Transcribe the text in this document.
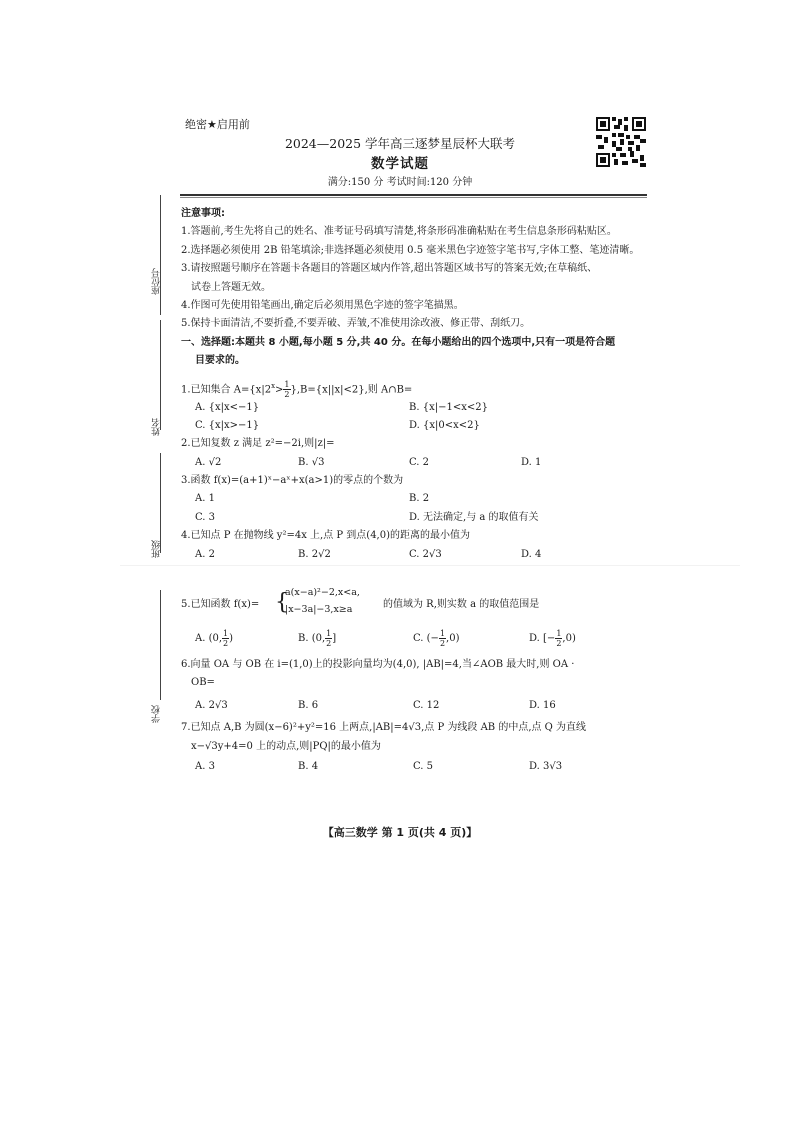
绝密★启用前
2024—2025 学年高三逐梦星辰杯大联考
数学试题
满分:150 分 考试时间:120 分钟
座位号
姓名
班级
学校
注意事项:
1.答题前,考生先将自己的姓名、准考证号码填写清楚,将条形码准确粘贴在考生信息条形码粘贴区。
2.选择题必须使用 2B 铅笔填涂;非选择题必须使用 0.5 毫米黑色字迹签字笔书写,字体工整、笔迹清晰。
3.请按照题号顺序在答题卡各题目的答题区域内作答,超出答题区域书写的答案无效;在草稿纸、
试卷上答题无效。
4.作图可先使用铅笔画出,确定后必须用黑色字迹的签字笔描黑。
5.保持卡面清洁,不要折叠,不要弄破、弄皱,不准使用涂改液、修正带、刮纸刀。
一、选择题:本题共 8 小题,每小题 5 分,共 40 分。在每小题给出的四个选项中,只有一项是符合题
目要求的。
1.已知集合 $A=\{x|2^x> \frac{1}{2} \},B=\{x||x|<2\}$,则 A∩B=
A. {x|x<−1}	B. {x|−1<x<2}
C. {x|x>−1}	D. {x|0<x<2}
2.已知复数 z 满足 z²=−2i,则|z|=
A. √2	B. √3	C. 2	D. 1
3.函数 f(x)=(a+1)ˣ−aˣ+x(a>1)的零点的个数为
A. 1	B. 2
C. 3	D. 无法确定,与 a 的取值有关
4.已知点 P 在抛物线 y²=4x 上,点 P 到点(4,0)的距离的最小值为
A. 2	B. 2√2	C. 2√3	D. 4
5.已知函数 f(x)= {
a(x−a)²−2,x<a,
|x−3a|−3,x≥a	的值域为 R,则实数 a 的取值范围是
A. (0, $\frac{1}{2}$ )	B. (0, $\frac{1}{2}$ ]	C. (− $\frac{1}{2} ,0$)	D. [− $\frac{1}{2} ,0$)
6.向量 OA 与 OB 在 i=(1,0)上的投影向量均为(4,0), |AB|=4,当∠AOB 最大时,则 OA ·
OB=
A. 2√3	B. 6	C. 12	D. 16
7.已知点 A,B 为圆(x−6)²+y²=16 上两点,|AB|=4√3,点 P 为线段 AB 的中点,点 Q 为直线
x−√3y+4=0 上的动点,则|PQ|的最小值为
A. 3	B. 4	C. 5	D. 3√3
【高三数学 第 1 页(共 4 页)】
